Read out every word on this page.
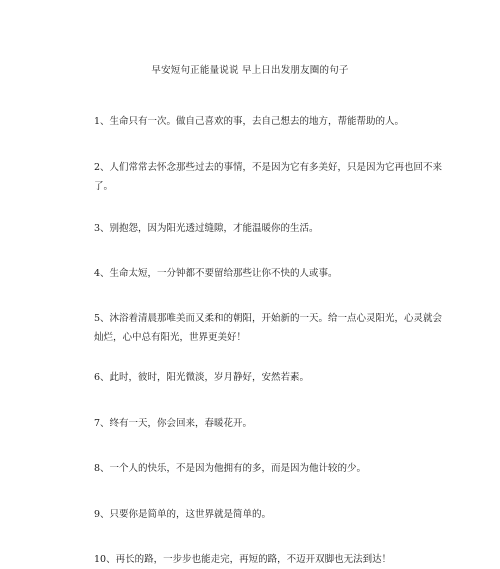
早安短句正能量说说 早上日出发朋友圈的句子
1、生命只有一次。做自己喜欢的事，去自己想去的地方，帮能帮助的人。
2、人们常常去怀念那些过去的事情，不是因为它有多美好，只是因为它再也回不来了。
3、别抱怨，因为阳光透过缝隙，才能温暖你的生活。
4、生命太短，一分钟都不要留给那些让你不快的人或事。
5、沐浴着清晨那唯美而又柔和的朝阳，开始新的一天。给一点心灵阳光，心灵就会灿烂，心中总有阳光，世界更美好！
6、此时，彼时，阳光微淡，岁月静好，安然若素。
7、终有一天，你会回来，春暖花开。
8、一个人的快乐，不是因为他拥有的多，而是因为他计较的少。
9、只要你是简单的，这世界就是简单的。
10、再长的路，一步步也能走完，再短的路，不迈开双脚也无法到达！
